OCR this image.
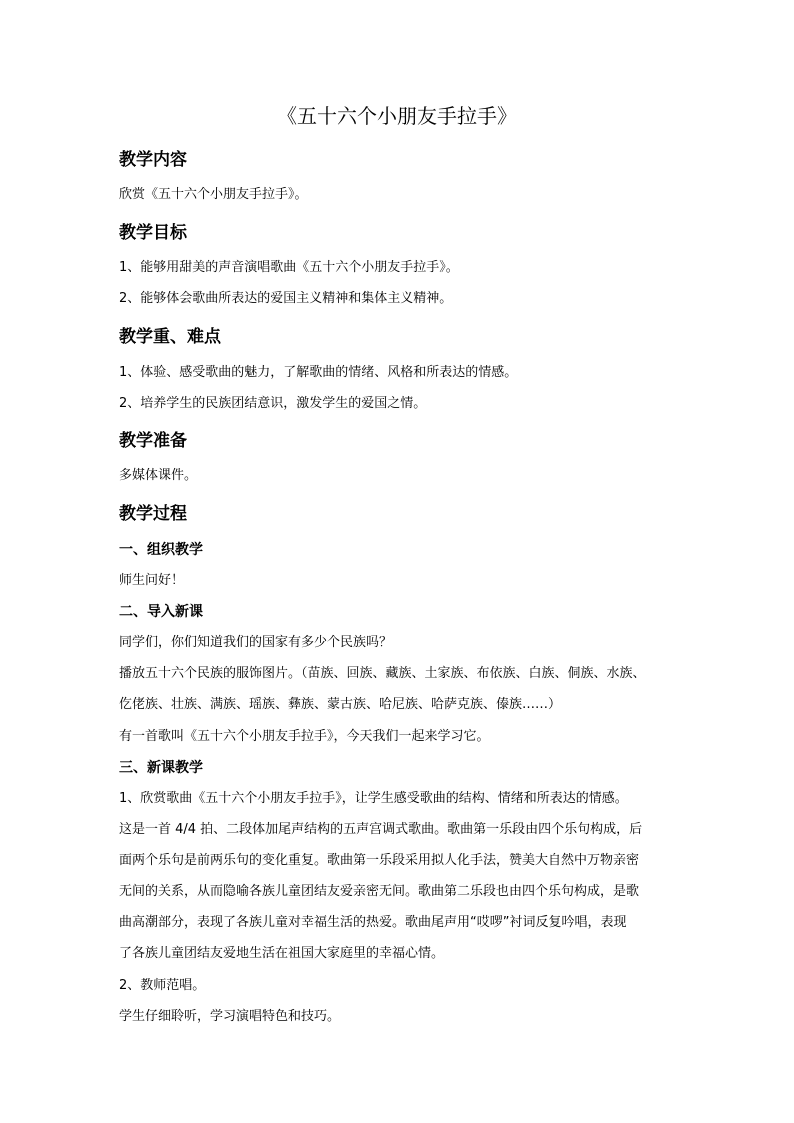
《五十六个小朋友手拉手》
教学内容
欣赏《五十六个小朋友手拉手》。
教学目标
1、能够用甜美的声音演唱歌曲《五十六个小朋友手拉手》。
2、能够体会歌曲所表达的爱国主义精神和集体主义精神。
教学重、难点
1、体验、感受歌曲的魅力，了解歌曲的情绪、风格和所表达的情感。
2、培养学生的民族团结意识，激发学生的爱国之情。
教学准备
多媒体课件。
教学过程
一、组织教学
师生问好！
二、导入新课
同学们，你们知道我们的国家有多少个民族吗？
播放五十六个民族的服饰图片。（苗族、回族、藏族、土家族、布依族、白族、侗族、水族、
仡佬族、壮族、满族、瑶族、彝族、蒙古族、哈尼族、哈萨克族、傣族……）
有一首歌叫《五十六个小朋友手拉手》，今天我们一起来学习它。
三、新课教学
1、欣赏歌曲《五十六个小朋友手拉手》，让学生感受歌曲的结构、情绪和所表达的情感。
这是一首 4/4 拍、二段体加尾声结构的五声宫调式歌曲。歌曲第一乐段由四个乐句构成，后
面两个乐句是前两乐句的变化重复。歌曲第一乐段采用拟人化手法，赞美大自然中万物亲密
无间的关系，从而隐喻各族儿童团结友爱亲密无间。歌曲第二乐段也由四个乐句构成，是歌
曲高潮部分，表现了各族儿童对幸福生活的热爱。歌曲尾声用“哎啰”衬词反复吟唱，表现
了各族儿童团结友爱地生活在祖国大家庭里的幸福心情。
2、教师范唱。
学生仔细聆听，学习演唱特色和技巧。
